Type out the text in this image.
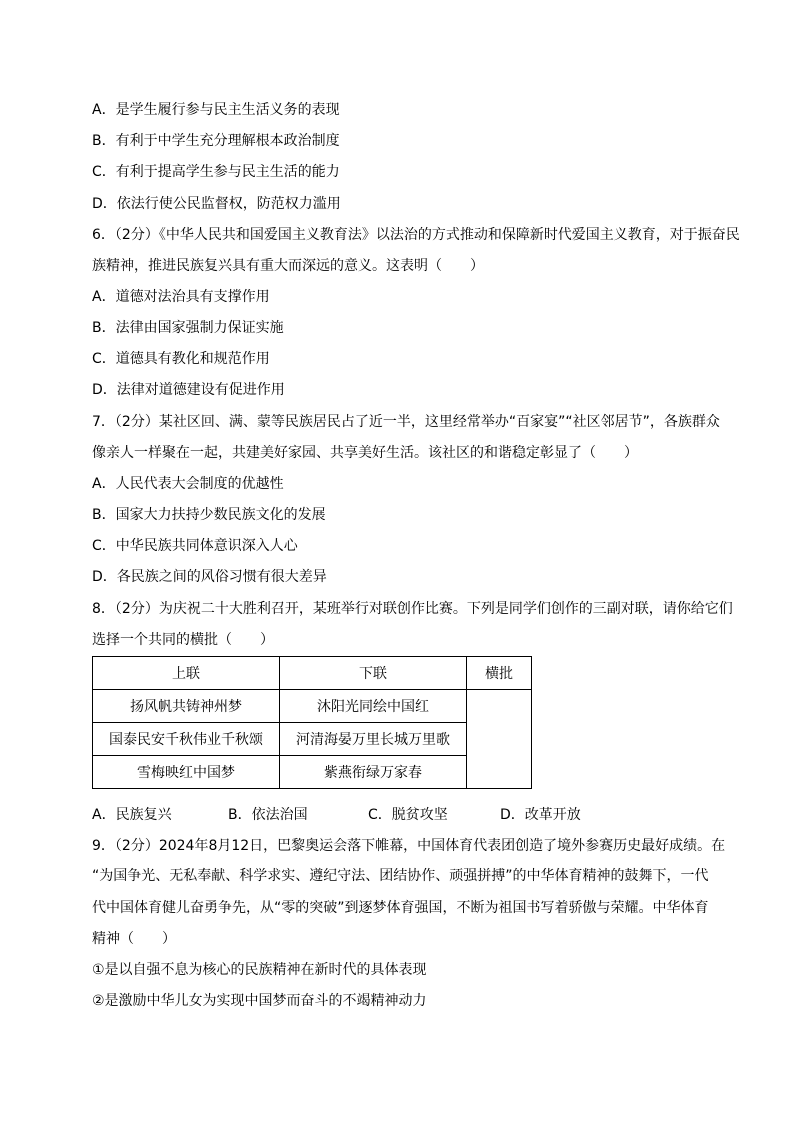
A．是学生履行参与民主生活义务的表现
B．有利于中学生充分理解根本政治制度
C．有利于提高学生参与民主生活的能力
D．依法行使公民监督权，防范权力滥用
6．（2分）《中华人民共和国爱国主义教育法》以法治的方式推动和保障新时代爱国主义教育，对于振奋民
族精神，推进民族复兴具有重大而深远的意义。这表明（　　）
A．道德对法治具有支撑作用
B．法律由国家强制力保证实施
C．道德具有教化和规范作用
D．法律对道德建设有促进作用
7．（2分）某社区回、满、蒙等民族居民占了近一半，这里经常举办“百家宴”“社区邻居节”，各族群众
像亲人一样聚在一起，共建美好家园、共享美好生活。该社区的和谐稳定彰显了（　　）
A．人民代表大会制度的优越性
B．国家大力扶持少数民族文化的发展
C．中华民族共同体意识深入人心
D．各民族之间的风俗习惯有很大差异
8．（2分）为庆祝二十大胜利召开，某班举行对联创作比赛。下列是同学们创作的三副对联，请你给它们
选择一个共同的横批（　　）
上联	下联	横批
扬风帆共铸神州梦	沐阳光同绘中国红	
国泰民安千秋伟业千秋颂	河清海晏万里长城万里歌	
雪梅映红中国梦	紫燕衔绿万家春	
A．民族复兴	B．依法治国	C．脱贫攻坚	D．改革开放
9．（2分）2024年8月12日，巴黎奥运会落下帷幕，中国体育代表团创造了境外参赛历史最好成绩。在
“为国争光、无私奉献、科学求实、遵纪守法、团结协作、顽强拼搏”的中华体育精神的鼓舞下，一代
代中国体育健儿奋勇争先，从“零的突破”到逐梦体育强国，不断为祖国书写着骄傲与荣耀。中华体育
精神（　　）
①是以自强不息为核心的民族精神在新时代的具体表现
②是激励中华儿女为实现中国梦而奋斗的不竭精神动力
